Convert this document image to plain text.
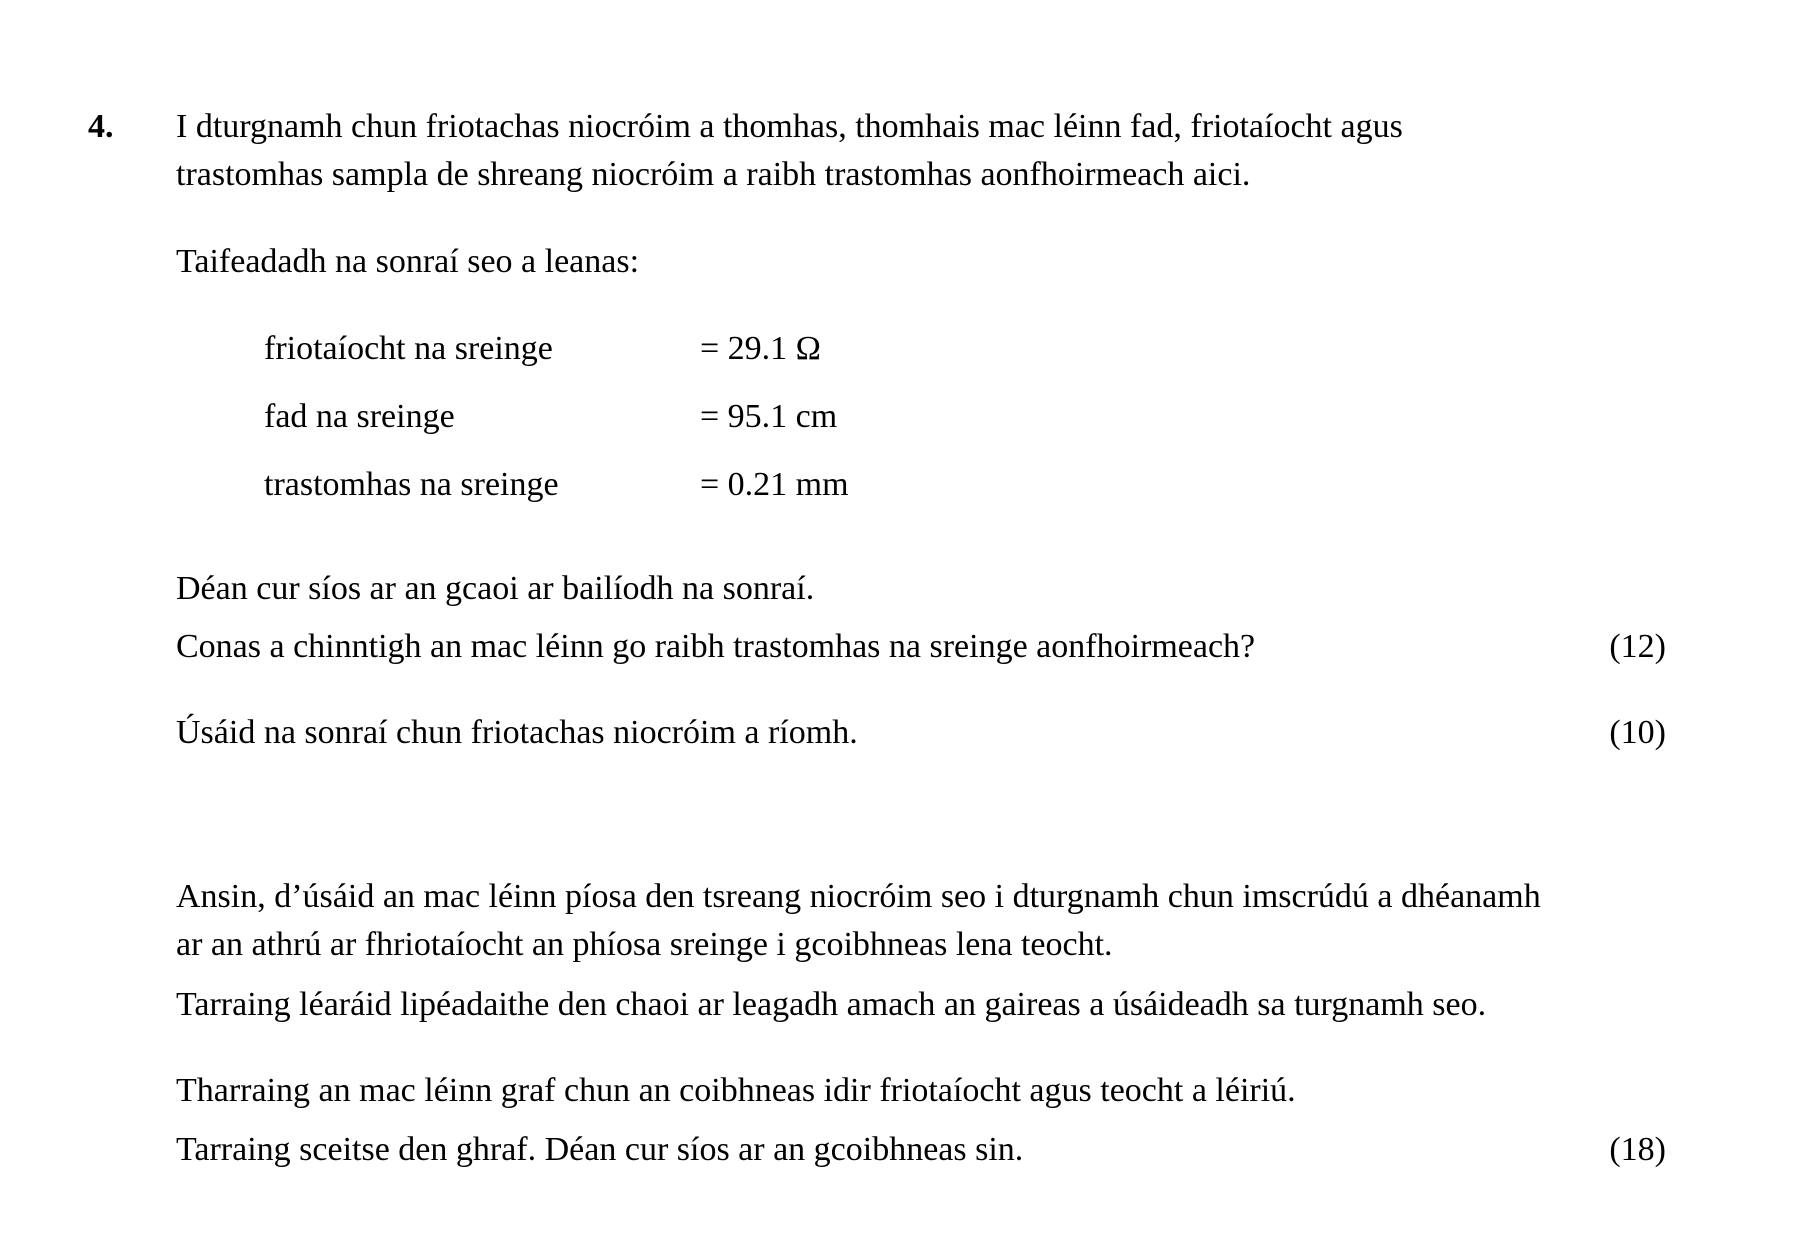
4. I dturgnamh chun friotachas niocróim a thomhas, thomhais mac léinn fad, friotaíocht agus
trastomhas sampla de shreang niocróim a raibh trastomhas aonfhoirmeach aici.
Taifeadadh na sonraí seo a leanas:
friotaíocht na sreinge	= 29.1 Ω
fad na sreinge	= 95.1 cm
trastomhas na sreinge	= 0.21 mm
Déan cur síos ar an gcaoi ar bailíodh na sonraí.
Conas a chinntigh an mac léinn go raibh trastomhas na sreinge aonfhoirmeach?	(12)
Úsáid na sonraí chun friotachas niocróim a ríomh.	(10)
Ansin, d’úsáid an mac léinn píosa den tsreang niocróim seo i dturgnamh chun imscrúdú a dhéanamh
ar an athrú ar fhriotaíocht an phíosa sreinge i gcoibhneas lena teocht.
Tarraing léaráid lipéadaithe den chaoi ar leagadh amach an gaireas a úsáideadh sa turgnamh seo.
Tharraing an mac léinn graf chun an coibhneas idir friotaíocht agus teocht a léiriú.
Tarraing sceitse den ghraf. Déan cur síos ar an gcoibhneas sin.	(18)
